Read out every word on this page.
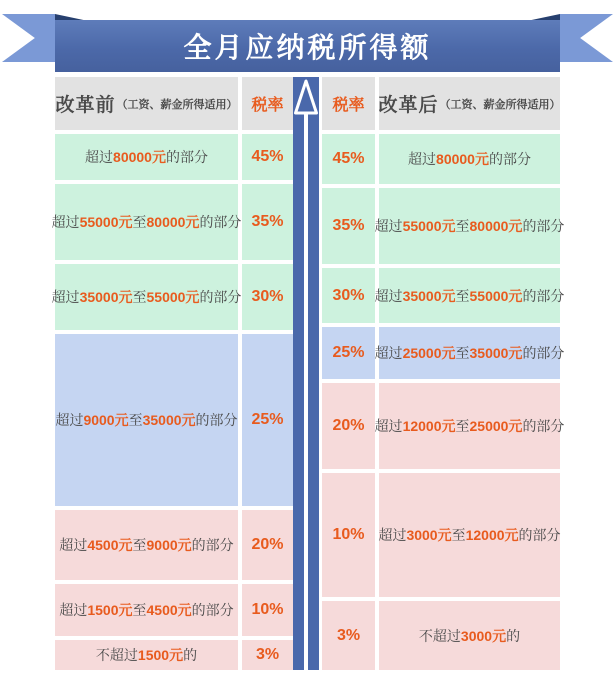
全月应纳税所得额
改革前 （工资、薪金所得适用） 税率
超过 80000元 的部分	45%
超过 55000元 至 80000元 的部分 35%
超过 35000元 至 55000元 的部分 30%
超过 9000元 至 35000元 的部分 25%
超过 4500元 至 9000元 的部分	20%
超过 1500元 至 4500元 的部分	10%
不超过 1500元 的	3%
税率 改革后 （工资、薪金所得适用）
45%	超过 80000元 的部分
35% 超过 55000元 至 80000元 的部分
30% 超过 35000元 至 55000元 的部分
25% 超过 25000元 至 35000元 的部分
20% 超过 12000元 至 25000元 的部分
10% 超过 3000元 至 12000元 的部分
3%	不超过 3000元 的
